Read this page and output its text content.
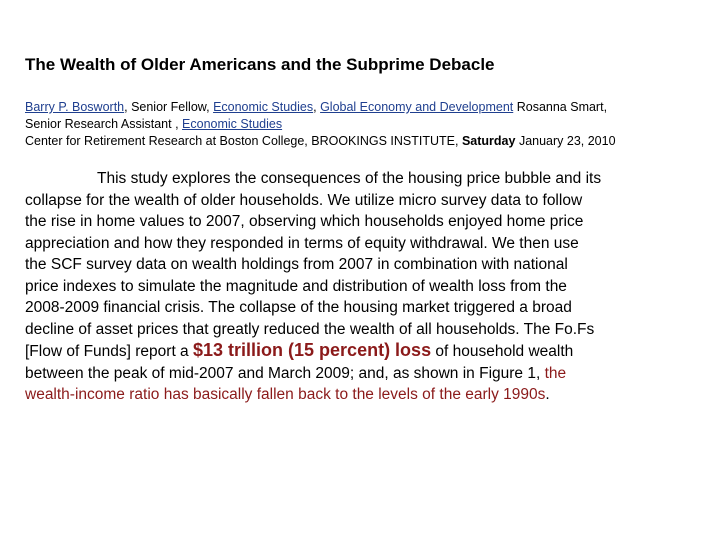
The Wealth of Older Americans and the Subprime Debacle
Barry P. Bosworth, Senior Fellow, Economic Studies, Global Economy and Development Rosanna Smart,
Senior Research Assistant , Economic Studies
Center for Retirement Research at Boston College, BROOKINGS INSTITUTE, Saturday January 23, 2010
This study explores the consequences of the housing price bubble and its
collapse for the wealth of older households. We utilize micro survey data to follow
the rise in home values to 2007, observing which households enjoyed home price
appreciation and how they responded in terms of equity withdrawal. We then use
the SCF survey data on wealth holdings from 2007 in combination with national
price indexes to simulate the magnitude and distribution of wealth loss from the
2008-2009 financial crisis. The collapse of the housing market triggered a broad
decline of asset prices that greatly reduced the wealth of all households. The Fo.Fs
[Flow of Funds] report a $13 trillion (15 percent) loss of household wealth
between the peak of mid-2007 and March 2009; and, as shown in Figure 1, the
wealth-income ratio has basically fallen back to the levels of the early 1990s.
